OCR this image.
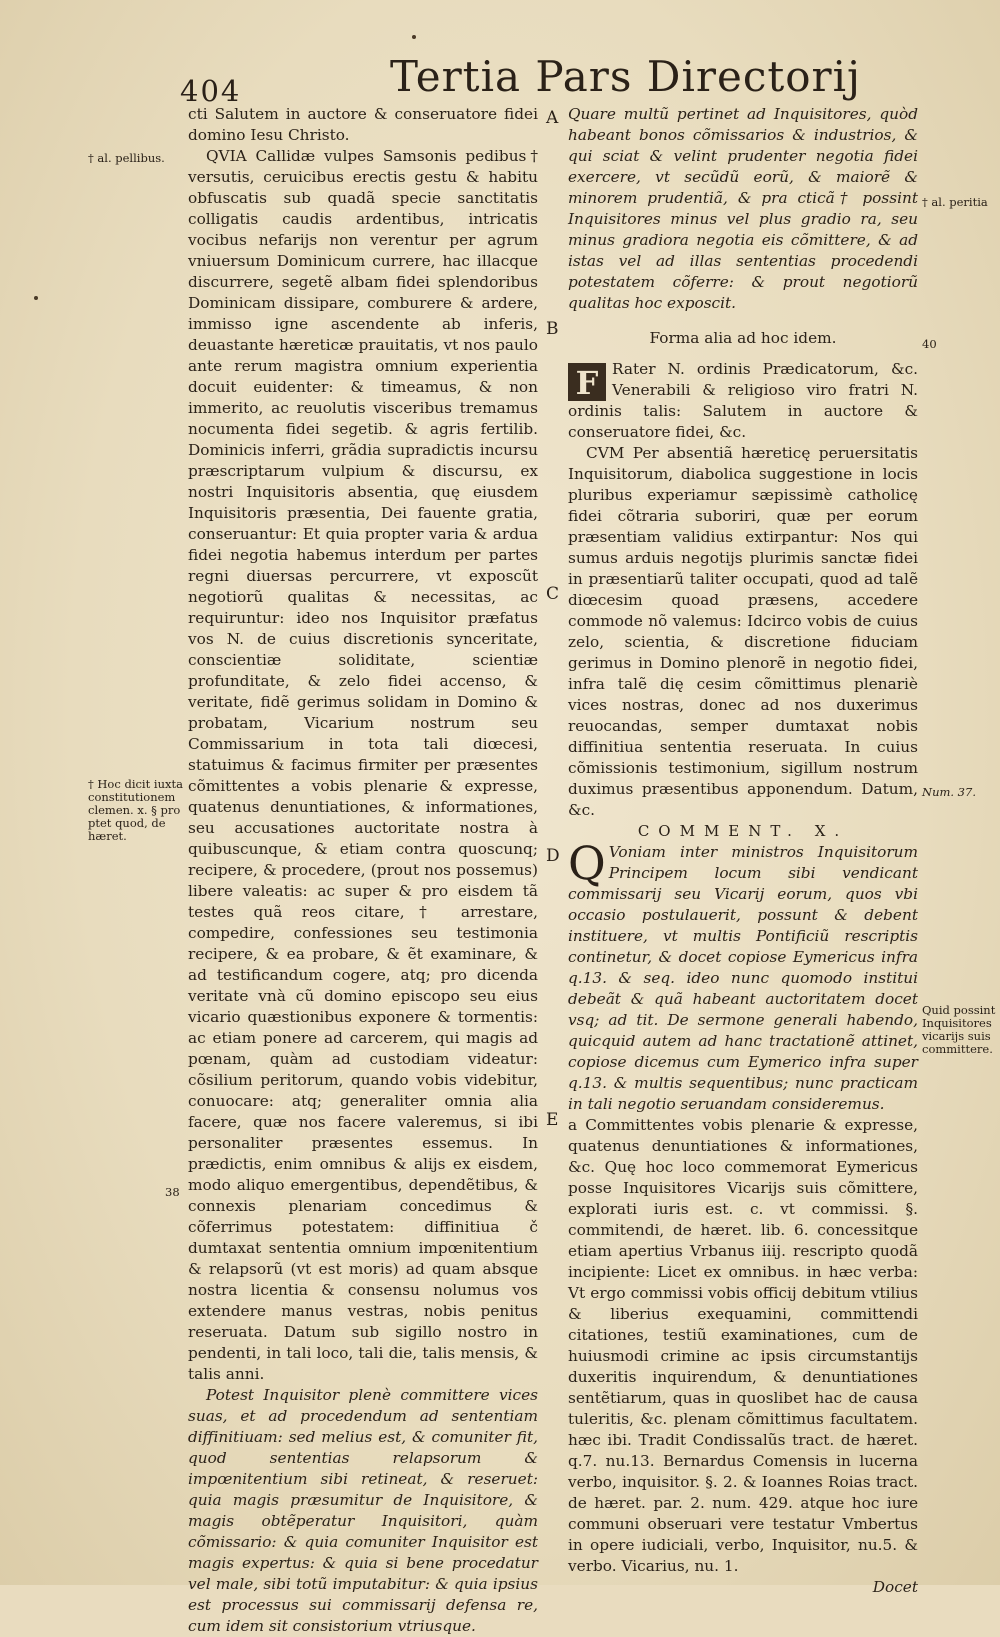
404	Tertia Pars Directorij

cti Salutem in auctore & conseruatore fidei domino Iesu Christo.

QVIA Callidæ vulpes Samsonis pedibus† versutis, ceruicibus erectis gestu & habitu obfuscatis sub quadã specie sanctitatis colligatis caudis ardentibus, intricatis vocibus nefarijs non verentur per agrum vniuersum Dominicum currere, hac illacque discurrere, segetẽ albam fidei splendoribus Dominicam dissipare, comburere & ardere, immisso igne ascendente ab inferis, deuastante hæreticæ prauitatis, vt nos paulo ante rerum magistra omnium experientia docuit euidenter: & timeamus, & non immerito, ac reuolutis visceribus tremamus nocumenta fidei segetib. & agris fertilib. Dominicis inferri, grãdia supradictis incursu præscriptarum vulpium & discursu, ex nostri Inquisitoris absentia, quę eiusdem Inquisitoris præsentia, Dei fauente gratia, conseruantur: Et quia propter varia & ardua fidei negotia habemus interdum per partes regni diuersas percurrere, vt exposcũt negotiorũ qualitas & necessitas, ac requiruntur: ideo nos Inquisitor præfatus vos N. de cuius discretionis synceritate, conscientiæ soliditate, scientiæ profunditate, & zelo fidei accenso, & veritate, fidẽ gerimus solidam in Domino & probatam, Vicarium nostrum seu Commissarium in tota tali diœcesi, statuimus & facimus firmiter per præsentes cõmittentes a vobis plenarie & expresse, quatenus denuntiationes, & informationes, seu accusationes auctoritate nostra à quibuscunque, & etiam contra quoscunq; recipere, & procedere, (prout nos possemus) libere valeatis: ac super & pro eisdem tã testes quã reos citare,† arrestare, compedire, confessiones seu testimonia recipere, & ea probare, & ẽt examinare, & ad testificandum cogere, atq; pro dicenda veritate vnà cũ domino episcopo seu eius vicario quæstionibus exponere & tormentis: ac etiam ponere ad carcerem, qui magis ad pœnam, quàm ad custodiam videatur: cõsilium peritorum, quando vobis videbitur, conuocare: atq; generaliter omnia alia facere, quæ nos facere valeremus, si ibi personaliter præsentes essemus. In prædictis, enim omnibus & alijs ex eisdem, modo aliquo emergentibus, dependẽtibus, & connexis plenariam concedimus & cõferrimus potestatem: diffinitiua č dumtaxat sententia omnium impœnitentium & relapsorũ (vt est moris) ad quam absque nostra licentia & consensu nolumus vos extendere manus vestras, nobis penitus reseruata. Datum sub sigillo nostro in pendenti, in tali loco, tali die, talis mensis, & talis anni.

Potest Inquisitor plenè committere vices suas, et ad procedendum ad sententiam diffinitiuam: sed melius est, & comuniter fit, quod sententias relapsorum & impœnitentium sibi retineat, & reseruet: quia magis præsumitur de Inquisitore, & magis obtẽperatur Inquisitori, quàm cõmissario: & quia comuniter Inquisitor est magis expertus: & quia si bene procedatur vel male, sibi totũ imputabitur: & quia ipsius est processus sui commissarij defensa re, cum idem sit consistorium vtriusque.

Quare multũ pertinet ad Inquisitores, quòd habeant bonos cõmissarios & industrios, & qui sciat & velint prudenter negotia fidei exercere, vt secũdũ eorũ, & maiorẽ & minorem prudentiã, & pra cticã† possint Inquisitores minus vel plus gradio ra, seu minus gradiora negotia eis cõmittere, & ad istas vel ad illas sententias procedendi potestatem cõferre: & prout negotiorũ qualitas hoc exposcit.

Forma alia ad hoc idem.

F Rater N. ordinis Prædicatorum, &c. Venerabili & religioso viro fratri N. ordinis talis: Salutem in auctore & conseruatore fidei, &c.

CVM Per absentiã hæreticę peruersitatis Inquisitorum, diabolica suggestione in locis pluribus experiamur sæpissimè catholicę fidei cõtraria suboriri, quæ per eorum præsentiam validius extirpantur: Nos qui sumus arduis negotijs plurimis sanctæ fidei in præsentiarũ taliter occupati, quod ad talẽ diœcesim quoad præsens, accedere commode nõ valemus: Idcirco vobis de cuius zelo, scientia, & discretione fiduciam gerimus in Domino plenorẽ in negotio fidei, infra talẽ dię cesim cõmittimus plenariè vices nostras, donec ad nos duxerimus reuocandas, semper dumtaxat nobis diffinitiua sententia reseruata. In cuius cõmissionis testimonium, sigillum nostrum duximus præsentibus apponendum. Datum, &c.

COMMENT. X.

Q Voniam inter ministros Inquisitorum Principem locum sibi vendicant commissarij seu Vicarij eorum, quos vbi occasio postulauerit, possunt & debent instituere, vt multis Pontificiũ rescriptis continetur, & docet copiose Eymericus infra q.13. & seq. ideo nunc quomodo institui debeãt & quã habeant auctoritatem docet vsq; ad tit. De sermone generali habendo, quicquid autem ad hanc tractationẽ attinet, copiose dicemus cum Eymerico infra super q.13. & multis sequentibus; nunc practicam in tali negotio seruandam consideremus.

a Committentes vobis plenarie & expresse, quatenus denuntiationes & informationes, &c. Quę hoc loco commemorat Eymericus posse Inquisitores Vicarijs suis cõmittere, explorati iuris est. c. vt commissi. §. commitendi, de hæret. lib. 6. concessitque etiam apertius Vrbanus iiij. rescripto quodã incipiente: Licet ex omnibus. in hæc verba: Vt ergo commissi vobis officij debitum vtilius & liberius exequamini, committendi citationes, testiũ examinationes, cum de huiusmodi crimine ac ipsis circumstantijs duxeritis inquirendum, & denuntiationes sentẽtiarum, quas in quoslibet hac de causa tuleritis, &c. plenam cõmittimus facultatem. hæc ibi. Tradit Condissalũs tract. de hæret. q.7. nu.13. Bernardus Comensis in lucerna verbo, inquisitor. §. 2. & Ioannes Roias tract. de hæret. par. 2. num. 429. atque hoc iure communi obseruari vere testatur Vmbertus in opere iudiciali, verbo, Inquisitor, nu.5. & verbo. Vicarius, nu. 1.

Docet

† al. pellibus.
† Hoc dicit iuxta constitutionem clemen. x. § pro ptet quod, de hæret.
38
† al. peritia
40
Num. 37.
Quid possint Inquisitores vicarijs suis committere.
A
B
C
D
E
